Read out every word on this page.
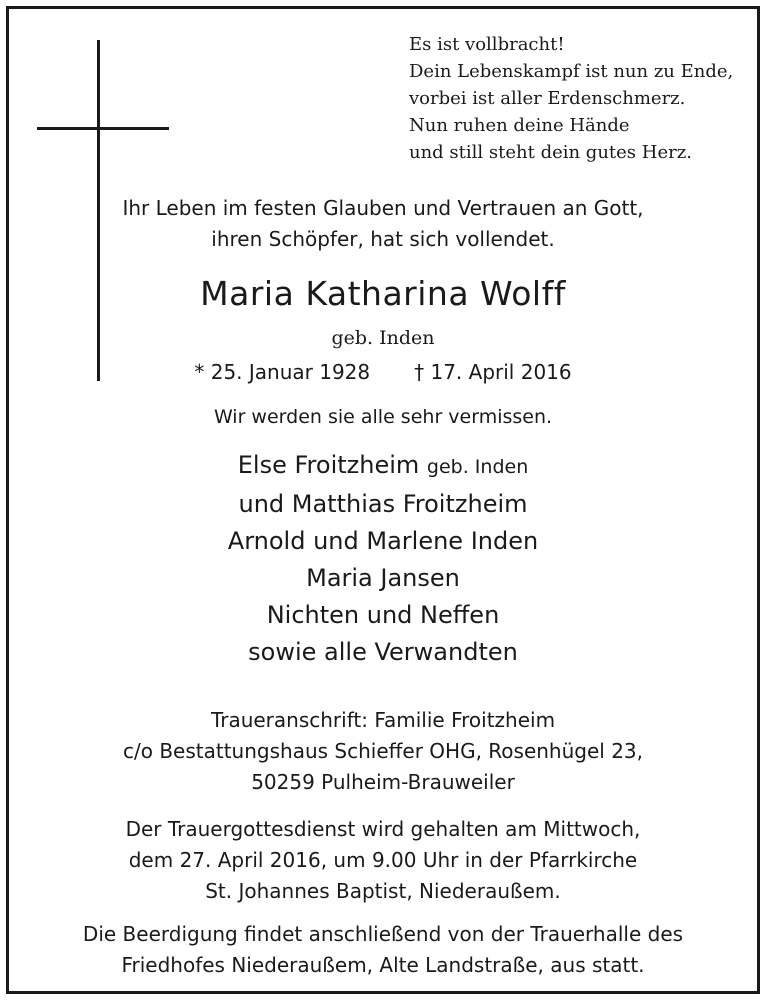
Es ist vollbracht!
Dein Lebenskampf ist nun zu Ende,
vorbei ist aller Erdenschmerz.
Nun ruhen deine Hände
und still steht dein gutes Herz.
Ihr Leben im festen Glauben und Vertrauen an Gott,
ihren Schöpfer, hat sich vollendet.
Maria Katharina Wolff
geb. Inden
* 25. Januar 1928 † 17. April 2016
Wir werden sie alle sehr vermissen.
Else Froitzheim geb. Inden
und Matthias Froitzheim
Arnold und Marlene Inden
Maria Jansen
Nichten und Neffen
sowie alle Verwandten
Traueranschrift: Familie Froitzheim
c/o Bestattungshaus Schieffer OHG, Rosenhügel 23,
50259 Pulheim-Brauweiler
Der Trauergottesdienst wird gehalten am Mittwoch,
dem 27. April 2016, um 9.00 Uhr in der Pfarrkirche
St. Johannes Baptist, Niederaußem.
Die Beerdigung findet anschließend von der Trauerhalle des
Friedhofes Niederaußem, Alte Landstraße, aus statt.
